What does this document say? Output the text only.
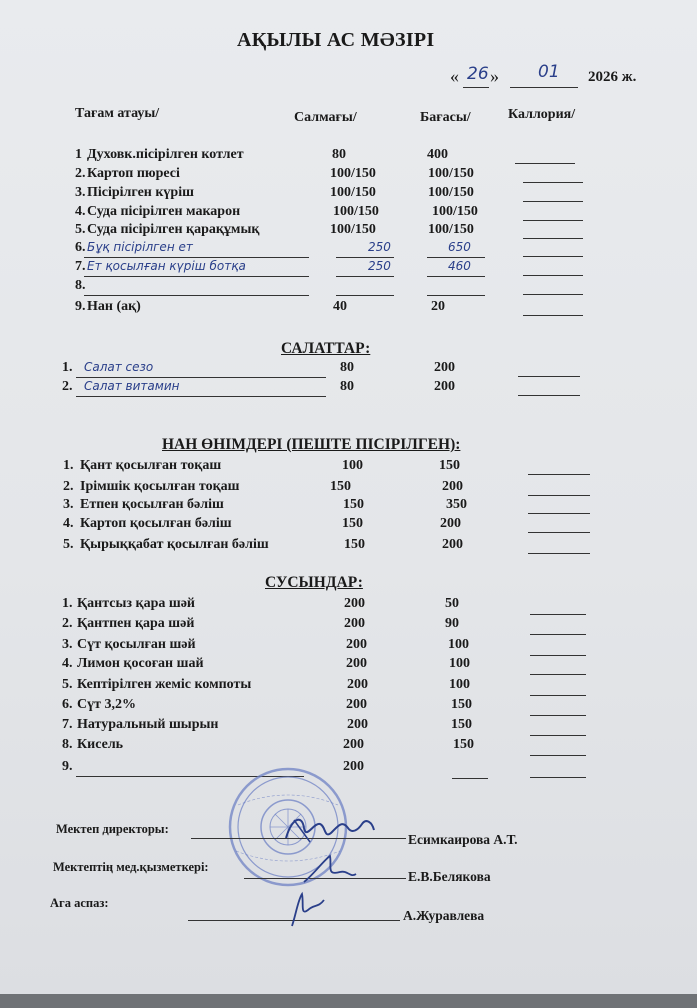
АҚЫЛЫ АС МӘЗІРІ
« 26 » 01 2026 ж.
Тағам атауы/	Салмағы/	Бағасы/	Каллория/
1 Духовк.пісірілген котлет	80	400
2. Картоп пюресі	100/150	100/150
3. Пісірілген күріш	100/150	100/150
4. Суда пісірілген макарон	100/150	100/150
5. Суда пісірілген қарақұмық	100/150	100/150
6. Бұқ пісірілген ет	250	650
7. Ет қосылған күріш ботқа	250	460
8.
9. Нан (ақ)	40	20
САЛАТТАР:
1. Салат сезо	80	200
2. Салат витамин	80	200
НАН ӨНІМДЕРІ (ПЕШТЕ ПІСІРІЛГЕН):
1. Қант қосылған тоқаш	100	150
2. Ірімшік қосылған тоқаш	150	200
3. Етпен қосылған бәліш	150	350
4. Картоп қосылған бәліш	150	200
5. Қырыққабат қосылған бәліш	150	200
СУСЫНДАР:
1. Қантсыз қара шәй	200	50
2. Қантпен қара шәй	200	90
3. Сүт қосылған шәй	200	100
4. Лимон қосоған шай	200	100
5. Кептірілген жеміс компоты	200	100
6. Сүт 3,2%	200	150
7. Натуральный шырын	200	150
8. Кисель	200	150
9.	200
Мектеп директоры:
Есимкаирова А.Т.
Мектептің мед.қызметкері:
Е.В.Белякова
Ага аспаз:
А.Журавлева
